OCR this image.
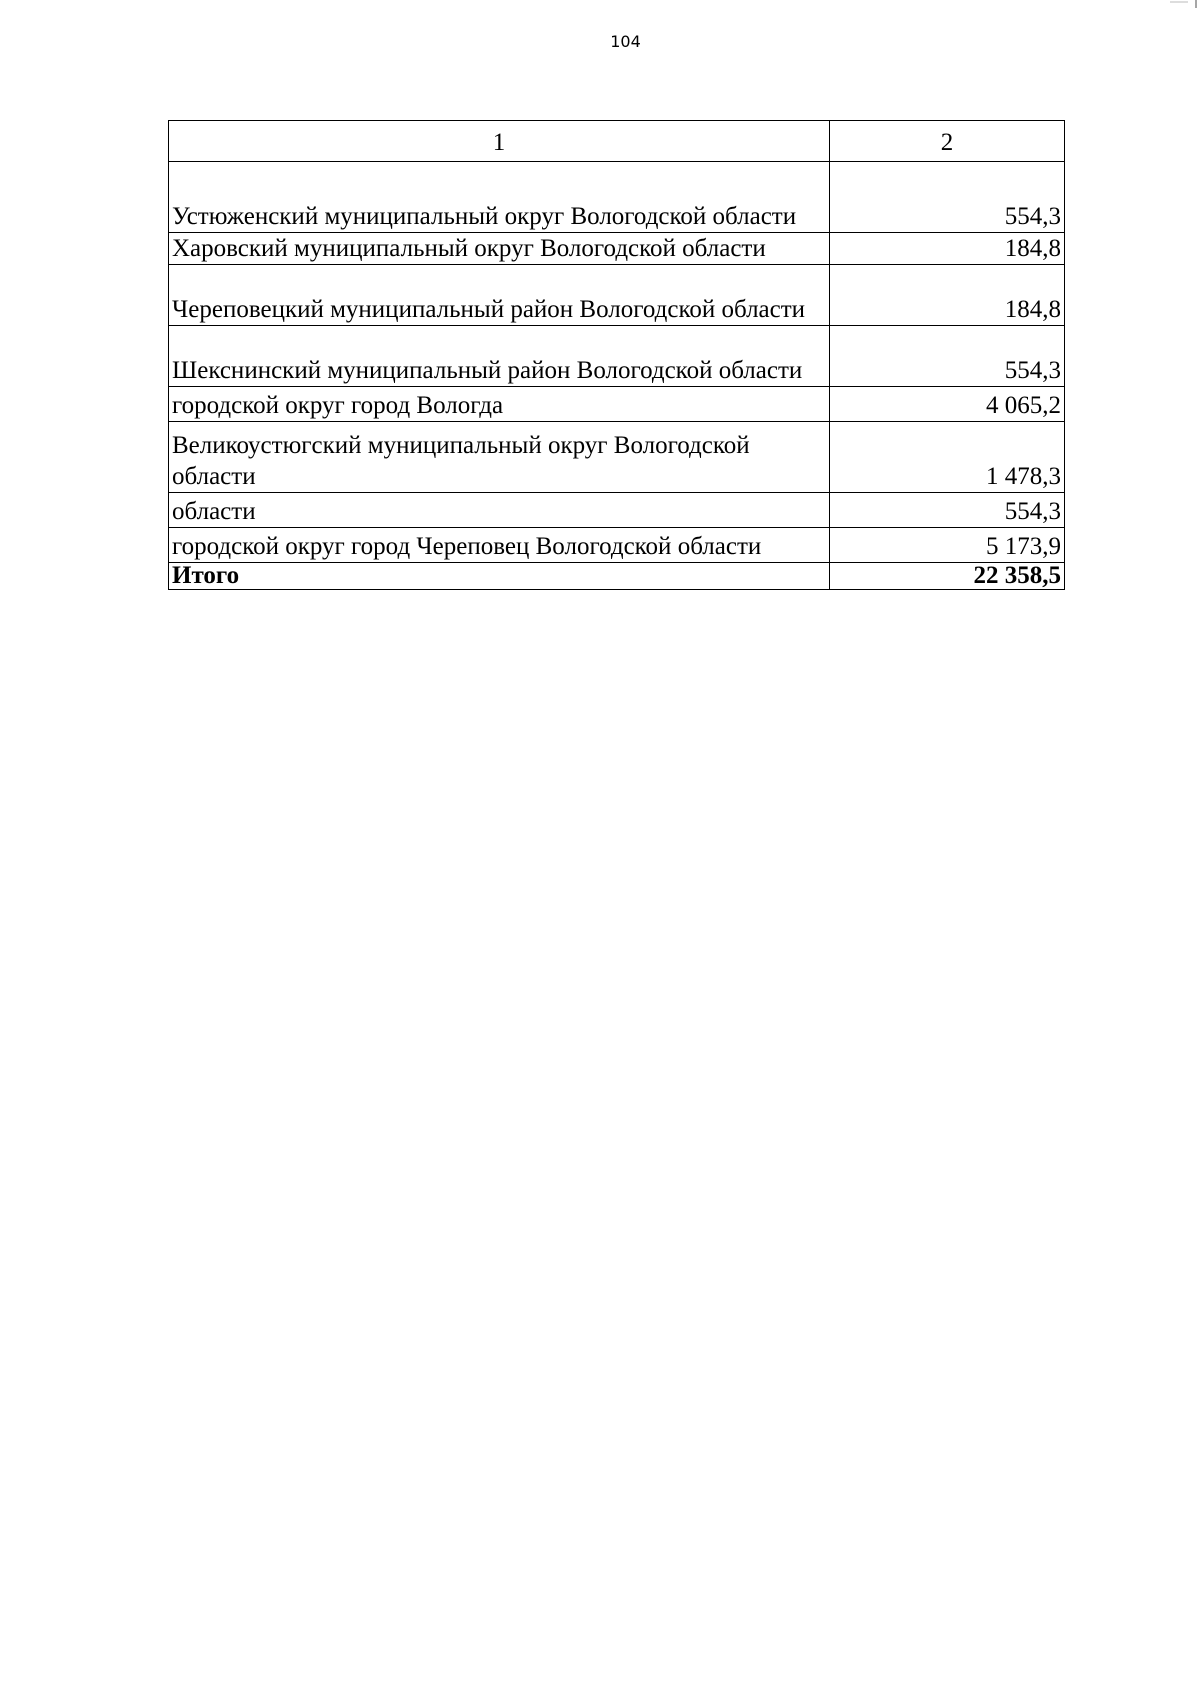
104
1	2
Устюженский муниципальный округ Вологодской области	554,3
Харовский муниципальный округ Вологодской области	184,8
Череповецкий муниципальный район Вологодской области	184,8
Шекснинский муниципальный район Вологодской области	554,3
городской округ город Вологда	4 065,2
Великоустюгский муниципальный округ Вологодской области	1 478,3
области	554,3
городской округ город Череповец Вологодской области	5 173,9
Итого	22 358,5
